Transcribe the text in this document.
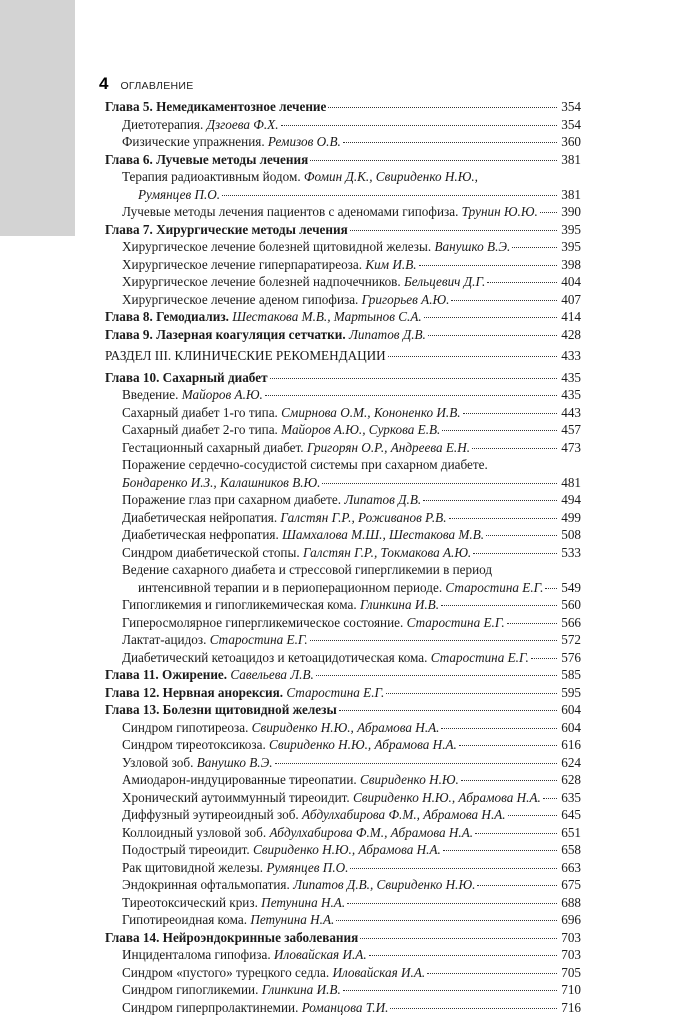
4 ОГЛАВЛЕНИЕ
Глава 5. Немедикаментозное лечение	354
Диетотерапия. Дзгоева Ф.Х.	354
Физические упражнения. Ремизов О.В.	360
Глава 6. Лучевые методы лечения	381
Терапия радиоактивным йодом. Фомин Д.К., Свириденко Н.Ю.,
Румянцев П.О.	381
Лучевые методы лечения пациентов с аденомами гипофиза. Трунин Ю.Ю. 390
Глава 7. Хирургические методы лечения	395
Хирургическое лечение болезней щитовидной железы. Ванушко В.Э.	395
Хирургическое лечение гиперпаратиреоза. Ким И.В.	398
Хирургическое лечение болезней надпочечников. Бельцевич Д.Г.	404
Хирургическое лечение аденом гипофиза. Григорьев А.Ю.	407
Глава 8. Гемодиализ. Шестакова М.В., Мартынов С.А.	414
Глава 9. Лазерная коагуляция сетчатки. Липатов Д.В.	428
РАЗДЕЛ III. КЛИНИЧЕСКИЕ РЕКОМЕНДАЦИИ	433
Глава 10. Сахарный диабет	435
Введение. Майоров А.Ю.	435
Сахарный диабет 1-го типа. Смирнова О.М., Кононенко И.В.	443
Сахарный диабет 2-го типа. Майоров А.Ю., Суркова Е.В.	457
Гестационный сахарный диабет. Григорян О.Р., Андреева Е.Н.	473
Поражение сердечно-сосудистой системы при сахарном диабете.
Бондаренко И.З., Калашников В.Ю.	481
Поражение глаз при сахарном диабете. Липатов Д.В.	494
Диабетическая нейропатия. Галстян Г.Р., Роживанов Р.В.	499
Диабетическая нефропатия. Шамхалова М.Ш., Шестакова М.В.	508
Синдром диабетической стопы. Галстян Г.Р., Токмакова А.Ю.	533
Ведение сахарного диабета и стрессовой гипергликемии в период
интенсивной терапии и в периоперационном периоде. Старостина Е.Г. 549
Гипогликемия и гипогликемическая кома. Глинкина И.В.	560
Гиперосмолярное гипергликемическое состояние. Старостина Е.Г.	566
Лактат-ацидоз. Старостина Е.Г.	572
Диабетический кетоацидоз и кетоацидотическая кома. Старостина Е.Г. 576
Глава 11. Ожирение. Савельева Л.В.	585
Глава 12. Нервная анорексия. Старостина Е.Г.	595
Глава 13. Болезни щитовидной железы	604
Синдром гипотиреоза. Свириденко Н.Ю., Абрамова Н.А.	604
Синдром тиреотоксикоза. Свириденко Н.Ю., Абрамова Н.А.	616
Узловой зоб. Ванушко В.Э.	624
Амиодарон-индуцированные тиреопатии. Свириденко Н.Ю.	628
Хронический аутоиммунный тиреоидит. Свириденко Н.Ю., Абрамова Н.А. 635
Диффузный эутиреоидный зоб. Абдулхабирова Ф.М., Абрамова Н.А.	645
Коллоидный узловой зоб. Абдулхабирова Ф.М., Абрамова Н.А.	651
Подострый тиреоидит. Свириденко Н.Ю., Абрамова Н.А.	658
Рак щитовидной железы. Румянцев П.О.	663
Эндокринная офтальмопатия. Липатов Д.В., Свириденко Н.Ю.	675
Тиреотоксический криз. Петунина Н.А.	688
Гипотиреоидная кома. Петунина Н.А.	696
Глава 14. Нейроэндокринные заболевания	703
Инциденталома гипофиза. Иловайская И.А.	703
Синдром «пустого» турецкого седла. Иловайская И.А.	705
Синдром гипогликемии. Глинкина И.В.	710
Синдром гиперпролактинемии. Романцова Т.И.	716
